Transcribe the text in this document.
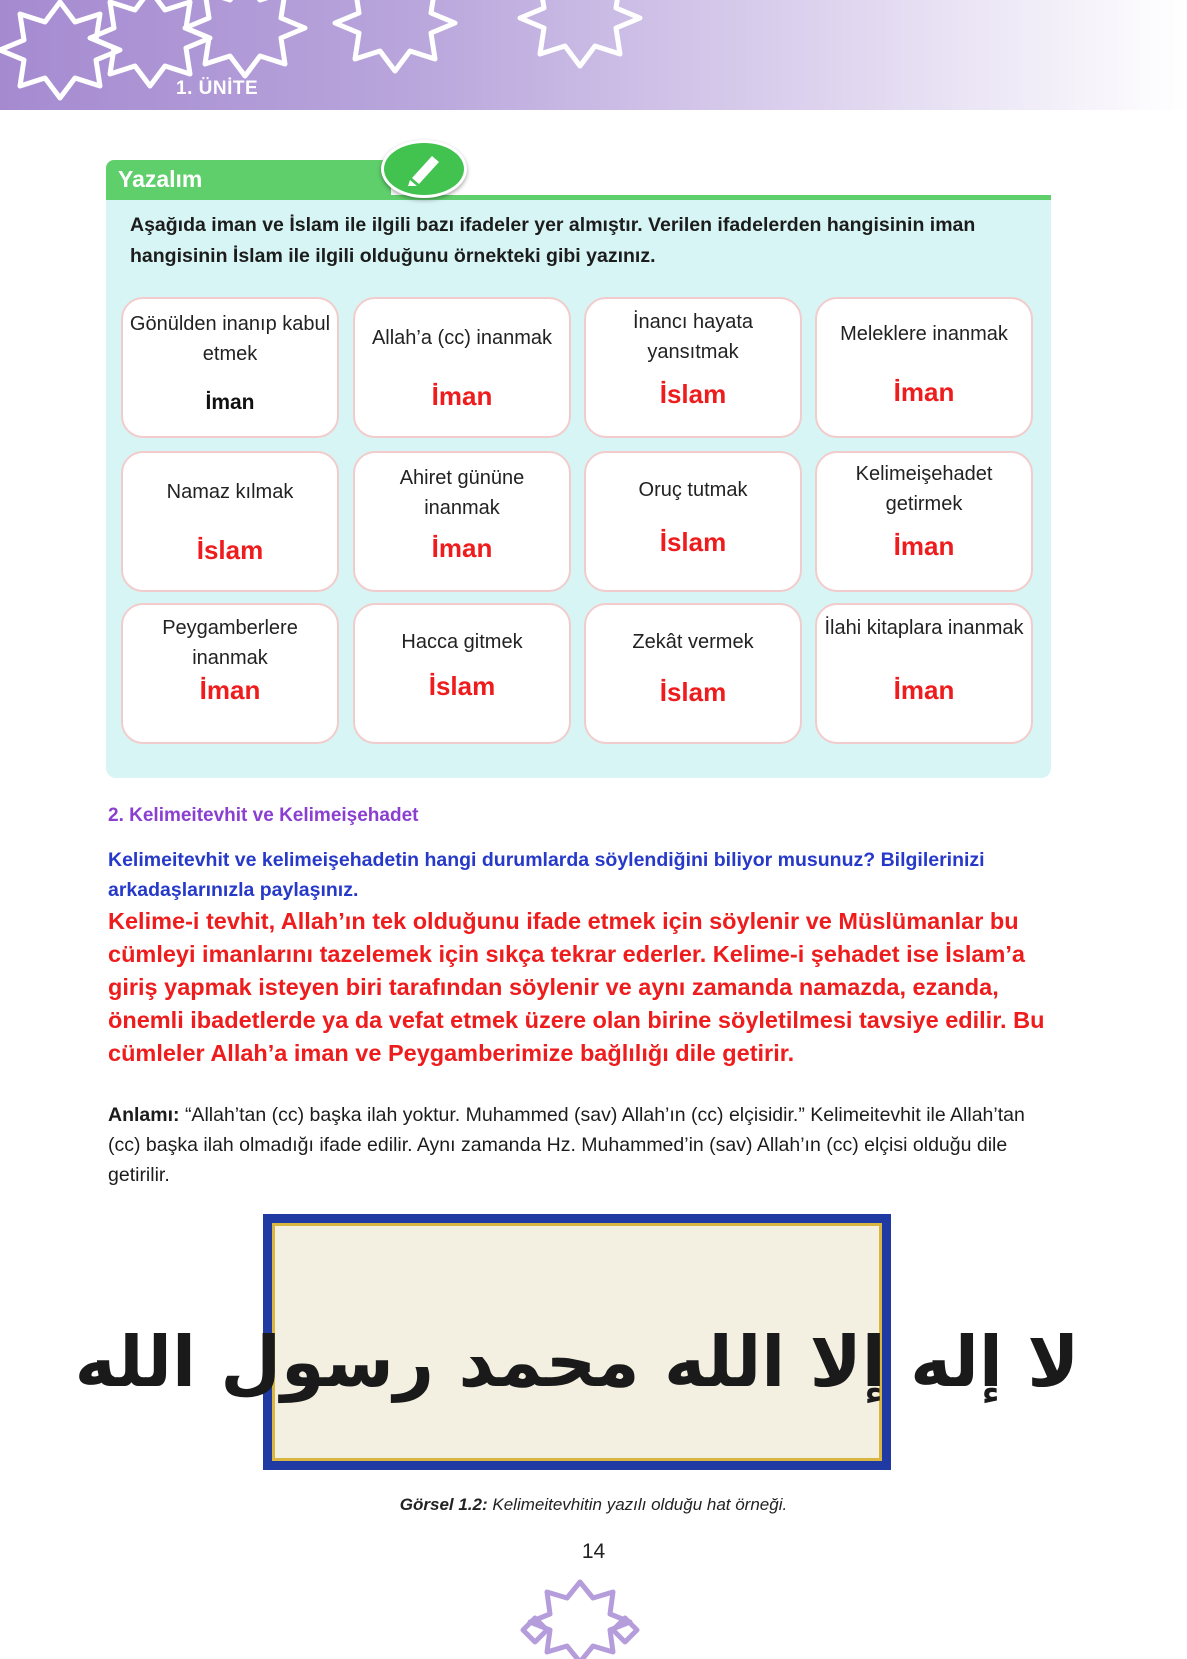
1. ÜNİTE
Yazalım
Aşağıda iman ve İslam ile ilgili bazı ifadeler yer almıştır. Verilen ifadelerden hangisinin iman hangisinin İslam ile ilgili olduğunu örnekteki gibi yazınız.
Gönülden inanıp kabul etmek
İman
Allah’a (cc) inanmak
İman
İnancı hayata yansıtmak
İslam
Meleklere inanmak
İman
Namaz kılmak
İslam
Ahiret gününe inanmak
İman
Oruç tutmak
İslam
Kelimeişehadet getirmek
İman
Peygamberlere inanmak
İman
Hacca gitmek
İslam
Zekât vermek
İslam
İlahi kitaplara inanmak
İman
2. Kelimeitevhit ve Kelimeişehadet
Kelimeitevhit ve kelimeişehadetin hangi durumlarda söylendiğini biliyor musunuz? Bilgilerinizi arkadaşlarınızla paylaşınız.
Kelime-i tevhit, Allah’ın tek olduğunu ifade etmek için söylenir ve Müslümanlar bu cümleyi imanlarını tazelemek için sıkça tekrar ederler. Kelime-i şehadet ise İslam’a giriş yapmak isteyen biri tarafından söylenir ve aynı zamanda namazda, ezanda, önemli ibadetlerde ya da vefat etmek üzere olan birine söyletilmesi tavsiye edilir. Bu cümleler Allah’a iman ve Peygamberimize bağlılığı dile getirir.
Anlamı: “Allah’tan (cc) başka ilah yoktur. Muhammed (sav) Allah’ın (cc) elçisidir.” Kelimeitevhit ile Allah’tan (cc) başka ilah olmadığı ifade edilir. Aynı zamanda Hz. Muhammed’in (sav) Allah’ın (cc) elçisi olduğu dile getirilir.
لا إله إلا الله محمد رسول الله
Görsel 1.2: Kelimeitevhitin yazılı olduğu hat örneği.
14
